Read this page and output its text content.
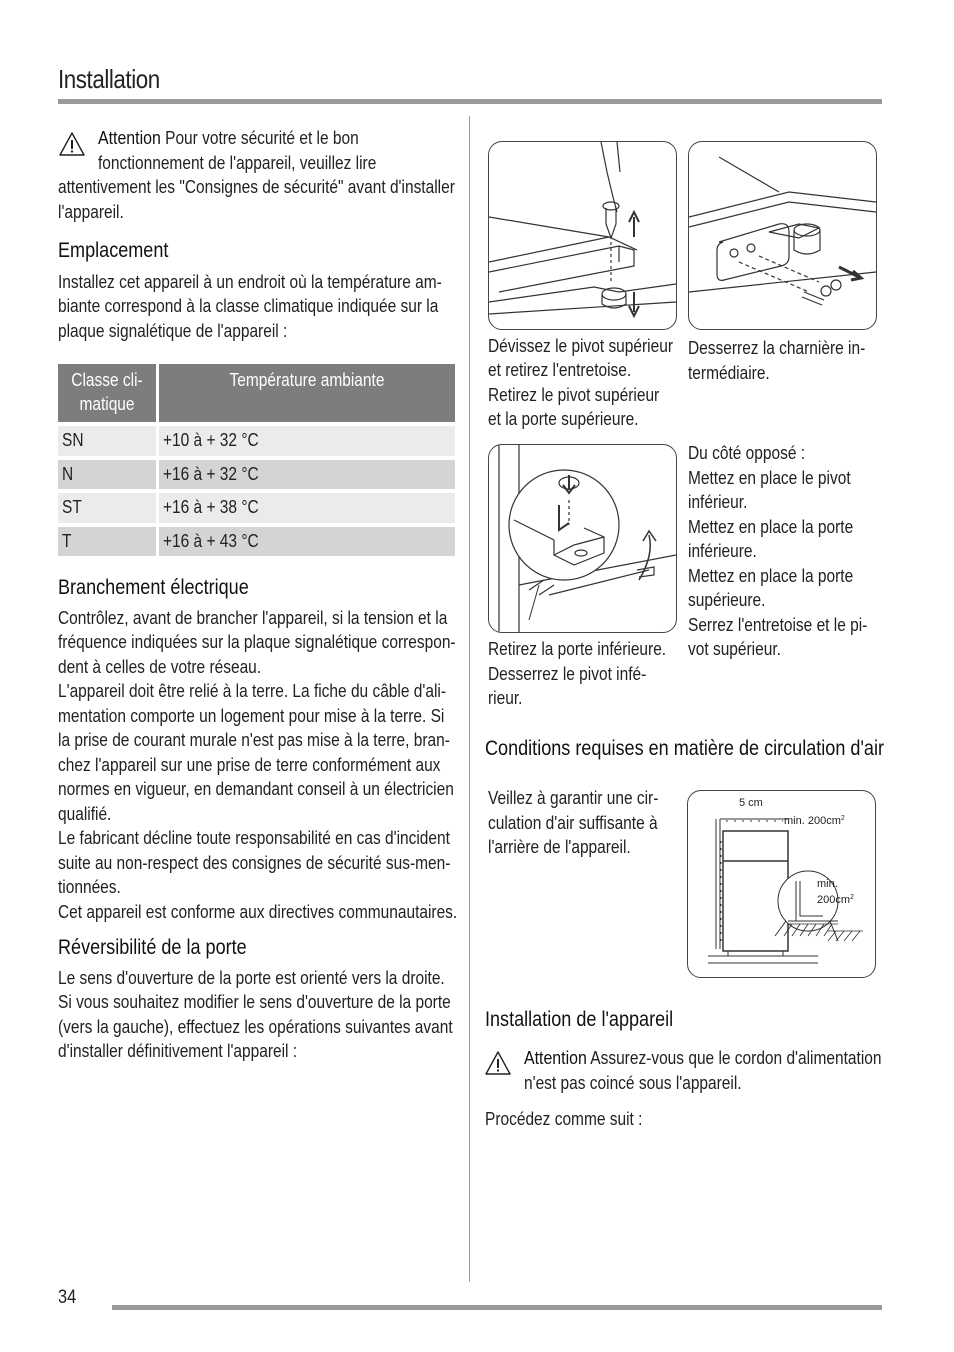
Installation
Attention Pour votre sécurité et le bon
fonctionnement de l'appareil, veuillez lire
attentivement les "Consignes de sécurité" avant d'installer
l'appareil.
Emplacement
Installez cet appareil à un endroit où la température am-
biante correspond à la classe climatique indiquée sur la
plaque signalétique de l'appareil :
Classe cli-
matique	Température ambiante

SN	+10 à + 32 °C

N	+16 à + 32 °C

ST	+16 à + 38 °C

T	+16 à + 43 °C
Branchement électrique
Contrôlez, avant de brancher l'appareil, si la tension et la
fréquence indiquées sur la plaque signalétique correspon-
dent à celles de votre réseau.
L'appareil doit être relié à la terre. La fiche du câble d'ali-
mentation comporte un logement pour mise à la terre. Si
la prise de courant murale n'est pas mise à la terre, bran-
chez l'appareil sur une prise de terre conformément aux
normes en vigueur, en demandant conseil à un électricien
qualifié.
Le fabricant décline toute responsabilité en cas d'incident
suite au non-respect des consignes de sécurité sus-men-
tionnées.
Cet appareil est conforme aux directives communautaires.
Réversibilité de la porte
Le sens d'ouverture de la porte est orienté vers la droite.
Si vous souhaitez modifier le sens d'ouverture de la porte
(vers la gauche), effectuez les opérations suivantes avant
d'installer définitivement l'appareil :
Dévissez le pivot supérieur
et retirez l'entretoise.
Retirez le pivot supérieur
et la porte supérieure.
Desserrez la charnière in-
termédiaire.
Retirez la porte inférieure.
Desserrez le pivot infé-
rieur.
Du côté opposé :
Mettez en place le pivot
inférieur.
Mettez en place la porte
inférieure.
Mettez en place la porte
supérieure.
Serrez l'entretoise et le pi-
vot supérieur.
Conditions requises en matière de circulation d'air
Veillez à garantir une cir-
culation d'air suffisante à
l'arrière de l'appareil.
5 cm
min. $200cm^2$
min.
$200cm^2$
Installation de l'appareil
Attention Assurez-vous que le cordon d'alimentation
n'est pas coincé sous l'appareil.
Procédez comme suit :
34
